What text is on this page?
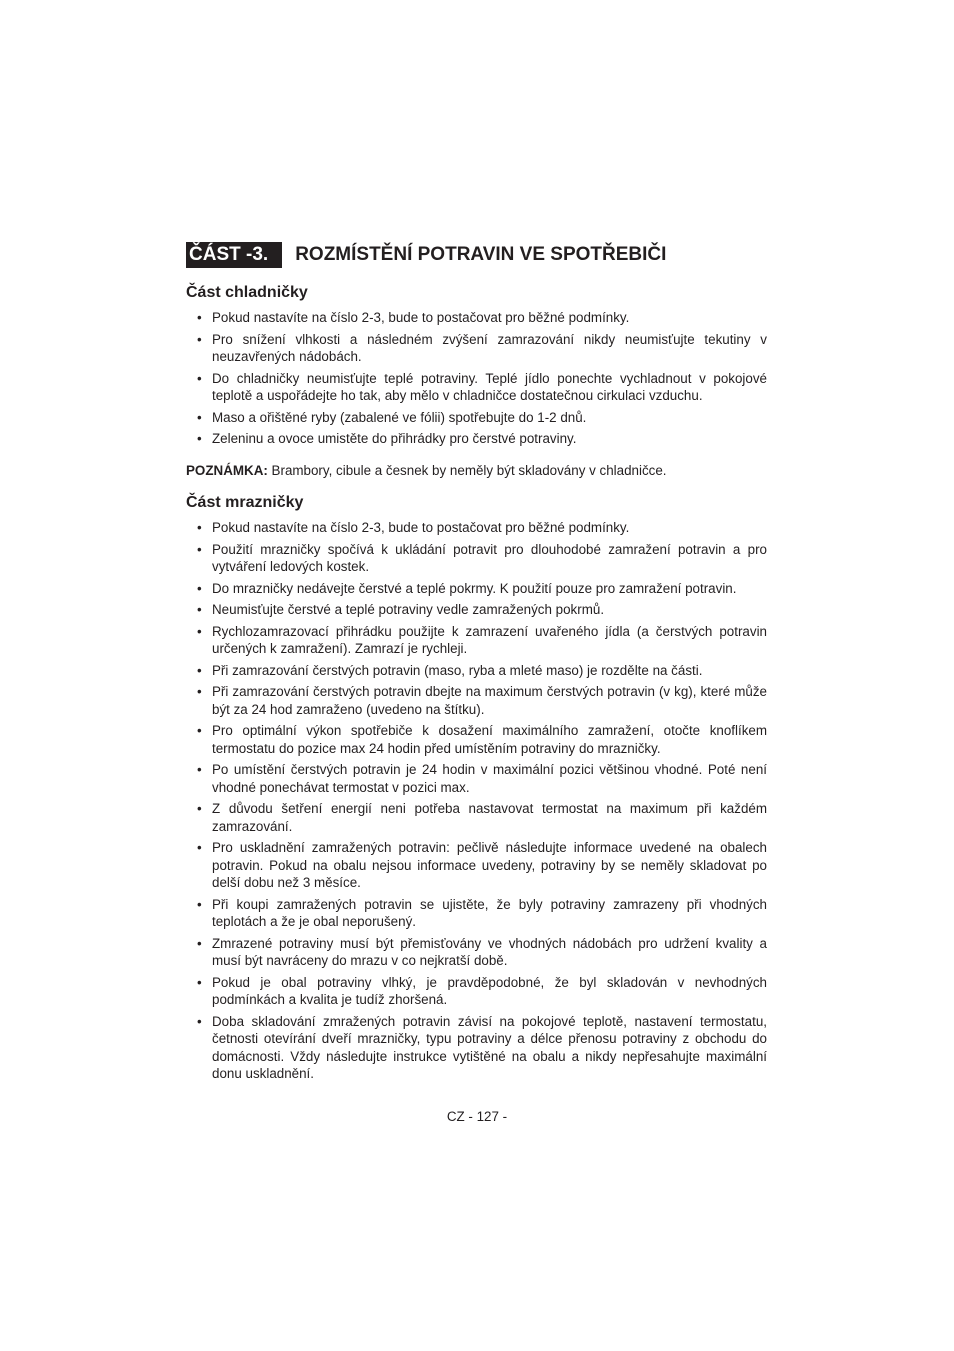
ČÁST -3.	ROZMÍSTĚNÍ POTRAVIN VE SPOTŘEBIČI
Část chladničky
• Pokud nastavíte na číslo 2-3, bude to postačovat pro běžné podmínky.
• Pro snížení vlhkosti a následném zvýšení zamrazování nikdy neumisťujte tekutiny v neuzavřených nádobách.
• Do chladničky neumisťujte teplé potraviny. Teplé jídlo ponechte vychladnout v pokojové teplotě a uspořádejte ho tak, aby mělo v chladničce dostatečnou cirkulaci vzduchu.
• Maso a ořištěné ryby (zabalené ve fólii) spotřebujte do 1-2 dnů.
• Zeleninu a ovoce umistěte do přihrádky pro čerstvé potraviny.

POZNÁMKA: Brambory, cibule a česnek by neměly být skladovány v chladničce.

Část mrazničky
• Pokud nastavíte na číslo 2-3, bude to postačovat pro běžné podmínky.
• Použití mrazničky spočívá k ukládání potravit pro dlouhodobé zamražení potravin a pro vytváření ledových kostek.
• Do mrazničky nedávejte čerstvé a teplé pokrmy. K použití pouze pro zamražení potravin.
• Neumisťujte čerstvé a teplé potraviny vedle zamražených pokrmů.
• Rychlozamrazovací přihrádku použijte k zamrazení uvařeného jídla (a čerstvých potravin určených k zamražení). Zamrazí je rychleji.
• Při zamrazování čerstvých potravin (maso, ryba a mleté maso) je rozdělte na části.
• Při zamrazování čerstvých potravin dbejte na maximum čerstvých potravin (v kg), které může být za 24 hod zamraženo (uvedeno na štítku).
• Pro optimální výkon spotřebiče k dosažení maximálního zamražení, otočte knoflíkem termostatu do pozice max 24 hodin před umístěním potraviny do mrazničky.
• Po umístění čerstvých potravin je 24 hodin v maximální pozici většinou vhodné. Poté není vhodné ponechávat termostat v pozici max.
• Z důvodu šetření energií neni potřeba nastavovat termostat na maximum při každém zamrazování.
• Pro uskladnění zamražených potravin: pečlivě následujte informace uvedené na obalech potravin. Pokud na obalu nejsou informace uvedeny, potraviny by se neměly skladovat po delší dobu než 3 měsíce.
• Při koupi zamražených potravin se ujistěte, že byly potraviny zamrazeny při vhodných teplotách a že je obal neporušený.
• Zmrazené potraviny musí být přemisťovány ve vhodných nádobách pro udržení kvality a musí být navráceny do mrazu v co nejkratší době.
• Pokud je obal potraviny vlhký, je pravděpodobné, že byl skladován v nevhodných podmínkách a kvalita je tudíž zhoršená.
• Doba skladování zmražených potravin závisí na pokojové teplotě, nastavení termostatu, četnosti otevírání dveří mrazničky, typu potraviny a délce přenosu potraviny z obchodu do domácnosti. Vždy následujte instrukce vytištěné na obalu a nikdy nepřesahujte maximální donu uskladnění.
CZ - 127 -
